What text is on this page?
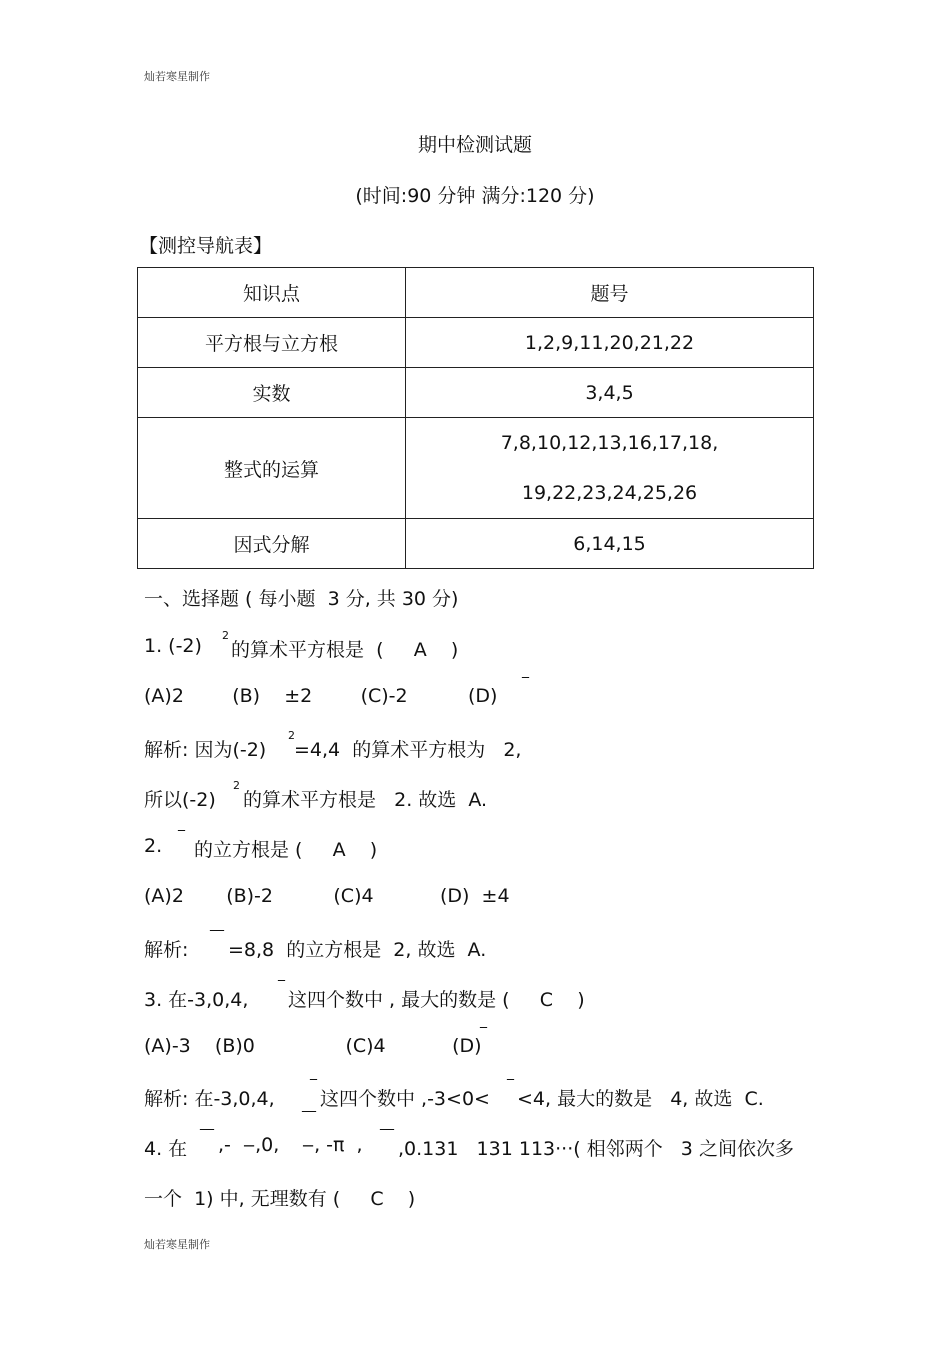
灿若寒星制作
期中检测试题
(时间:90 分钟 满分:120 分)
【测控导航表】
知识点	题号
平方根与立方根	1,2,9,11,20,21,22
实数	3,4,5
整式的运算	7,8,10,12,13,16,17,18,
19,22,23,24,25,26

因式分解	6,14,15
一、选择题 ( 每小题  3 分, 共 30 分)
1. (-2) 2
的算术平方根是  (     A    )
(A)2        (B)    ±2        (C)-2          (D)
‾
解析: 因为(-2)
2
=4,4  的算术平方根为   2,
所以(-2)
2
的算术平方根是   2. 故选  A.
2. ‾
的立方根是 (     A    )
(A)2       (B)-2          (C)4           (D)  ±4
解析:
‾‾
=8,8  的立方根是  2, 故选  A.
3. 在-3,0,4,
‾
这四个数中 , 最大的数是 (     C    )
(A)-3    (B)0               (C)4           (D)
‾
解析: 在-3,0,4,
‾
这四个数中 ,-3<0<
‾
<4, 最大的数是   4, 故选  C.
4. 在
‾‾ ,-  ‒,0,
‾‾
‒, -π  , ‾‾
,0.131   131 113···( 相邻两个   3 之间依次多
一个  1) 中, 无理数有 (     C    )
灿若寒星制作
